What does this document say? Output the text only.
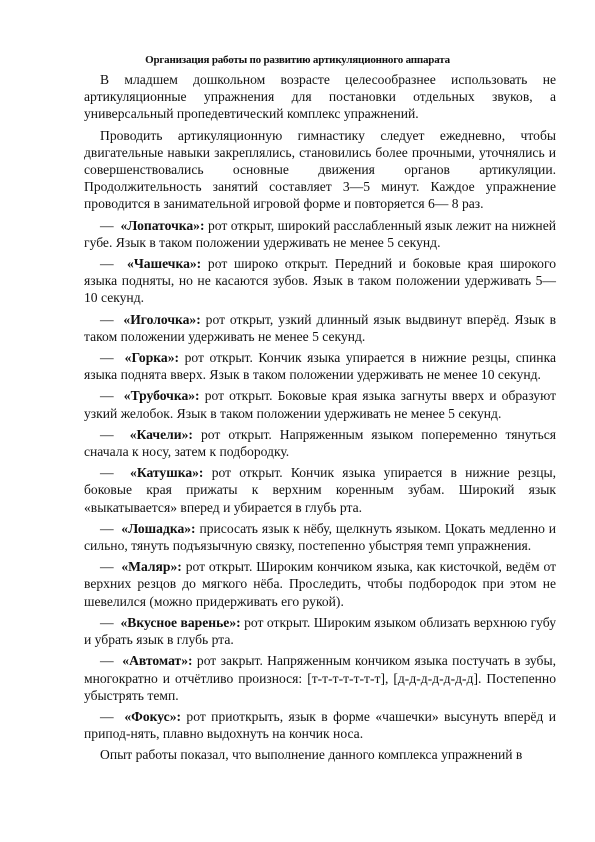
Организация работы по развитию артикуляционного аппарата

В младшем дошкольном возрасте целесообразнее использовать не артикуляционные упражнения для постановки отдельных звуков, а универсальный пропедевтический комплекс упражнений.

Проводить артикуляционную гимнастику следует ежедневно, чтобы двигательные навыки закреплялись, становились более прочными, уточнялись и совершенствовались основные движения органов артикуляции. Продолжительность занятий составляет 3—5 минут. Каждое упражнение проводится в занимательной игровой форме и повторяется 6— 8 раз.

— «Лопаточка»: рот открыт, широкий расслабленный язык лежит на нижней губе. Язык в таком положении удерживать не менее 5 секунд.

— «Чашечка»: рот широко открыт. Передний и боковые края широкого языка подняты, но не касаются зубов. Язык в таком положении удерживать 5—10 секунд.

— «Иголочка»: рот открыт, узкий длинный язык выдвинут вперёд. Язык в таком положении удерживать не менее 5 секунд.

— «Горка»: рот открыт. Кончик языка упирается в нижние резцы, спинка языка поднята вверх. Язык в таком положении удерживать не менее 10 секунд.

— «Трубочка»: рот открыт. Боковые края языка загнуты вверх и образуют узкий желобок. Язык в таком положении удерживать не менее 5 секунд.

— «Качели»: рот открыт. Напряженным языком попеременно тянуться сначала к носу, затем к подбородку.

— «Катушка»: рот открыт. Кончик языка упирается в нижние резцы, боковые края прижаты к верхним коренным зубам. Широкий язык «выкатывается» вперед и убирается в глубь рта.

— «Лошадка»: присосать язык к нёбу, щелкнуть языком. Цокать медленно и сильно, тянуть подъязычную связку, постепенно убыстряя темп упражнения.

— «Маляр»: рот открыт. Широким кончиком языка, как кисточкой, ведём от верхних резцов до мягкого нёба. Проследить, чтобы подбородок при этом не шевелился (можно придерживать его рукой).

— «Вкусное варенье»: рот открыт. Широким языком облизать верхнюю губу и убрать язык в глубь рта.

— «Автомат»: рот закрыт. Напряженным кончиком языка постучать в зубы, многократно и отчётливо произнося: [т-т-т-т-т-т-т], [д-д-д-д-д-д-д]. Постепенно убыстрять темп.

— «Фокус»: рот приоткрыть, язык в форме «чашечки» высунуть вперёд и припод-нять, плавно выдохнуть на кончик носа.

Опыт работы показал, что выполнение данного комплекса упражнений в
